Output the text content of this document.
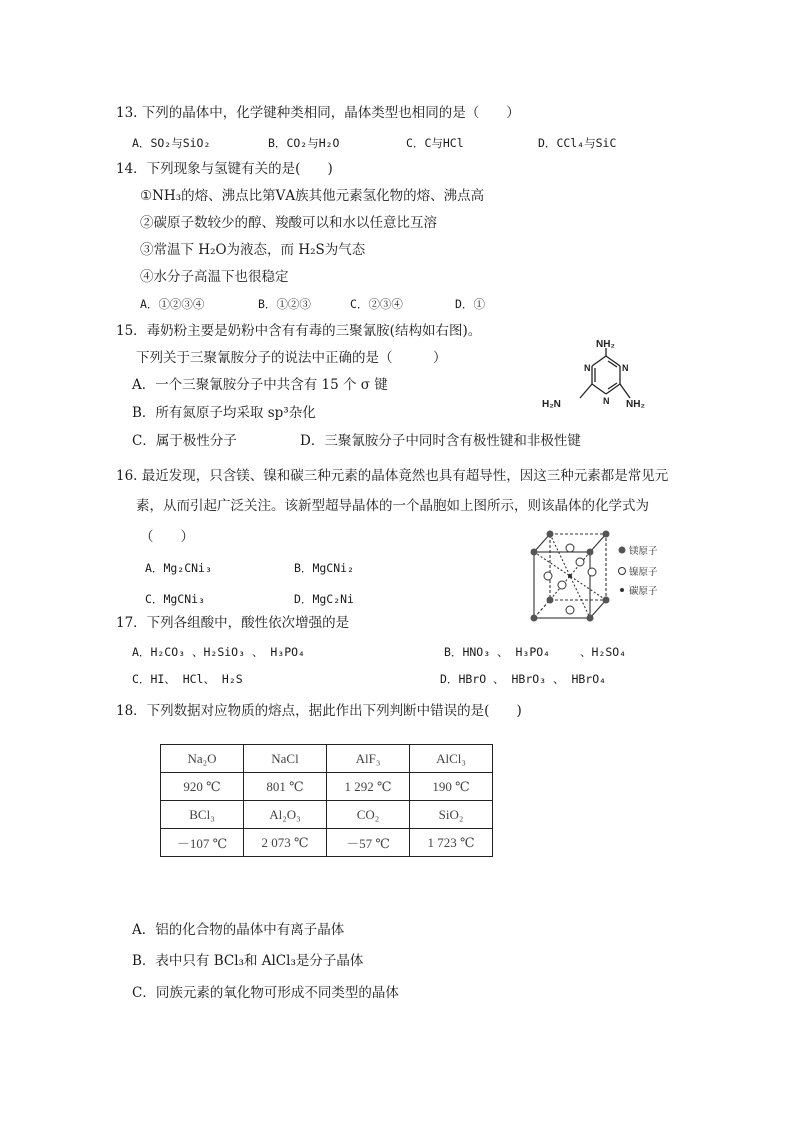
13. 下列的晶体中，化学键种类相同，晶体类型也相同的是（　　）
A．SO₂与SiO₂	B．CO₂与H₂O	C．C与HCl	D．CCl₄与SiC
14．下列现象与氢键有关的是(　　)
①NH₃的熔、沸点比第ⅤA族其他元素氢化物的熔、沸点高
②碳原子数较少的醇、羧酸可以和水以任意比互溶
③常温下 H₂O为液态，而 H₂S为气态
④水分子高温下也很稳定
A．①②③④	B．①②③	C．②③④	D．①
15．毒奶粉主要是奶粉中含有有毒的三聚氰胺(结构如右图)。
下列关于三聚氰胺分子的说法中正确的是（　　　）
A．一个三聚氰胺分子中共含有 15 个 σ 键
B．所有氮原子均采取 sp³杂化
C．属于极性分子	D．三聚氰胺分子中同时含有极性键和非极性键
NH₂
H₂N	NH₂
N
N
N
16. 最近发现，只含镁、镍和碳三种元素的晶体竟然也具有超导性，因这三种元素都是常见元
素，从而引起广泛关注。该新型超导晶体的一个晶胞如上图所示，则该晶体的化学式为
（　　）
A．Mg₂CNi₃	B．MgCNi₂
C．MgCNi₃	D．MgC₂Ni
镁原子
镍原子
碳原子
17．下列各组酸中，酸性依次增强的是
A．H₂CO₃ 、H₂SiO₃ 、 H₃PO₄	B．HNO₃ 、 H₃PO₄　　 、H₂SO₄
C．HI、 HCl、 H₂S	D．HBrO 、 HBrO₃ 、 HBrO₄
18．下列数据对应物质的熔点，据此作出下列判断中错误的是(　　)
Na₂O	NaCl	AlF₃	AlCl₃
920 ℃	801 ℃	1 292 ℃	190 ℃
BCl₃	Al₂O₃	CO₂	SiO₂
－107 ℃	2 073 ℃	－57 ℃	1 723 ℃
A．铝的化合物的晶体中有离子晶体
B．表中只有 BCl₃和 AlCl₃是分子晶体
C．同族元素的氧化物可形成不同类型的晶体
